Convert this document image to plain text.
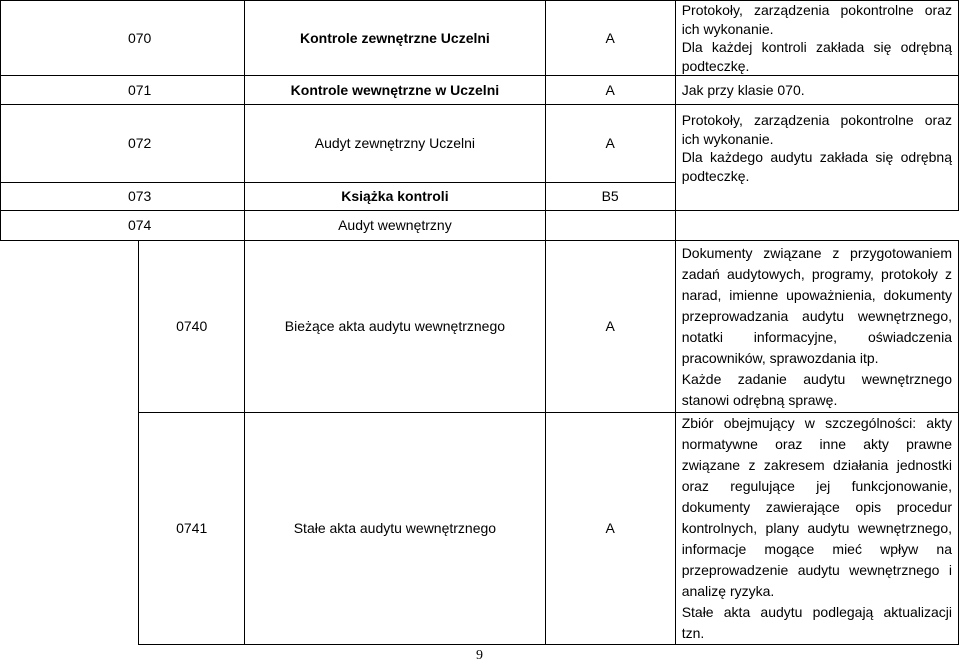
070		Kontrole zewnętrzne Uczelni	A	Protokoły, zarządzenia pokontrolne oraz ich wykonanie.
Dla każdej kontroli zakłada się odrębną podteczkę.

071		Kontrole wewnętrzne w Uczelni	A	Jak przy klasie 070.
072		Audyt zewnętrzny Uczelni	A	Protokoły, zarządzenia pokontrolne oraz ich wykonanie.
Dla każdego audytu zakłada się odrębną podteczkę.

073		Książka kontroli	B5	
074		Audyt wewnętrzny		
	0740	Bieżące akta audytu wewnętrznego	A	Dokumenty związane z przygotowaniem zadań audytowych, programy, protokoły z narad, imienne upoważnienia, dokumenty przeprowadzania audytu wewnętrznego, notatki informacyjne, oświadczenia pracowników, sprawozdania itp.
Każde zadanie audytu wewnętrznego stanowi odrębną sprawę.

	0741	Stałe akta audytu wewnętrznego	A	Zbiór obejmujący w szczególności: akty normatywne oraz inne akty prawne związane z zakresem działania jednostki oraz regulujące jej funkcjonowanie, dokumenty zawierające opis procedur kontrolnych, plany audytu wewnętrznego, informacje mogące mieć wpływ na przeprowadzenie audytu wewnętrznego i analizę ryzyka.
Stałe akta audytu podlegają aktualizacji tzn.
9
